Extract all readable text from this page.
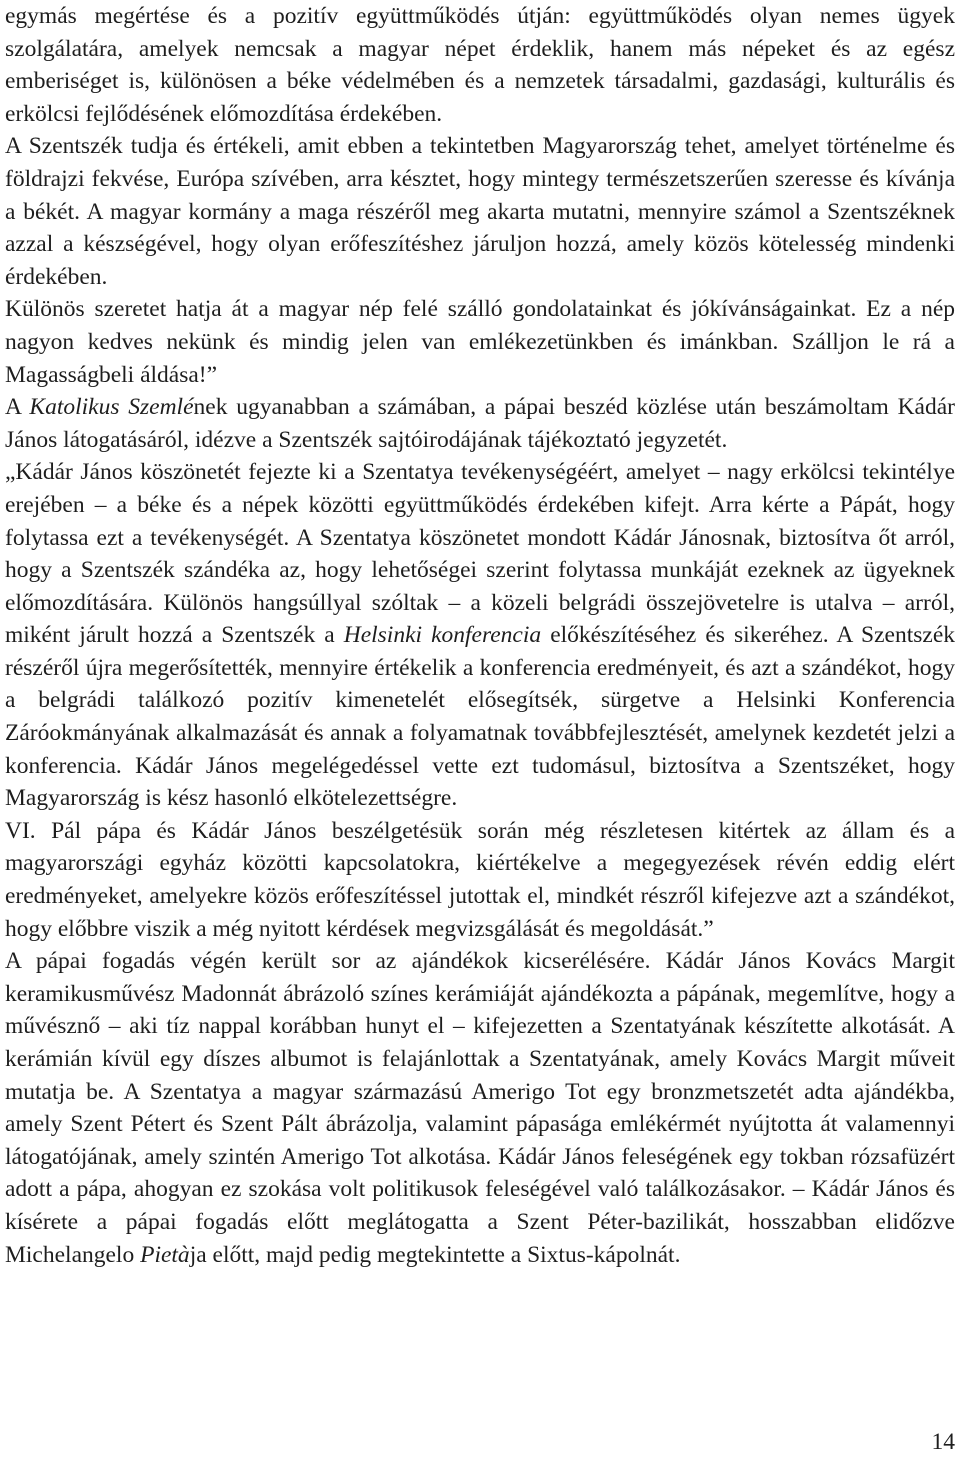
egymás megértése és a pozitív együttműködés útján: együttműködés olyan nemes ügyek szolgálatára, amelyek nemcsak a magyar népet érdeklik, hanem más népeket és az egész emberiséget is, különösen a béke védelmében és a nemzetek társadalmi, gazdasági, kulturális és erkölcsi fejlődésének előmozdítása érdekében.

A Szentszék tudja és értékeli, amit ebben a tekintetben Magyarország tehet, amelyet történelme és földrajzi fekvése, Európa szívében, arra késztet, hogy mintegy természetszerűen szeresse és kívánja a békét. A magyar kormány a maga részéről meg akarta mutatni, mennyire számol a Szentszéknek azzal a készségével, hogy olyan erőfeszítéshez járuljon hozzá, amely közös kötelesség mindenki érdekében.

Különös szeretet hatja át a magyar nép felé szálló gondolatainkat és jókívánságainkat. Ez a nép nagyon kedves nekünk és mindig jelen van emlékezetünkben és imánkban. Szálljon le rá a Magasságbeli áldása!”

A Katolikus Szemlének ugyanabban a számában, a pápai beszéd közlése után beszámoltam Kádár János látogatásáról, idézve a Szentszék sajtóirodájának tájékoztató jegyzetét.

„Kádár János köszönetét fejezte ki a Szentatya tevékenységéért, amelyet – nagy erkölcsi tekintélye erejében – a béke és a népek közötti együttműködés érdekében kifejt. Arra kérte a Pápát, hogy folytassa ezt a tevékenységét. A Szentatya köszönetet mondott Kádár Jánosnak, biztosítva őt arról, hogy a Szentszék szándéka az, hogy lehetőségei szerint folytassa munkáját ezeknek az ügyeknek előmozdítására. Különös hangsúllyal szóltak – a közeli belgrádi összejövetelre is utalva – arról, miként járult hozzá a Szentszék a Helsinki konferencia előkészítéséhez és sikeréhez. A Szentszék részéről újra megerősítették, mennyire értékelik a konferencia eredményeit, és azt a szándékot, hogy a belgrádi találkozó pozitív kimenetelét elősegítsék, sürgetve a Helsinki Konferencia Záróokmányának alkalmazását és annak a folyamatnak továbbfejlesztését, amelynek kezdetét jelzi a konferencia. Kádár János megelégedéssel vette ezt tudomásul, biztosítva a Szentszéket, hogy Magyarország is kész hasonló elkötelezettségre.

VI. Pál pápa és Kádár János beszélgetésük során még részletesen kitértek az állam és a magyarországi egyház közötti kapcsolatokra, kiértékelve a megegyezések révén eddig elért eredményeket, amelyekre közös erőfeszítéssel jutottak el, mindkét részről kifejezve azt a szándékot, hogy előbbre viszik a még nyitott kérdések megvizsgálását és megoldását.”

A pápai fogadás végén került sor az ajándékok kicserélésére. Kádár János Kovács Margit keramikusművész Madonnát ábrázoló színes kerámiáját ajándékozta a pápának, megemlítve, hogy a művésznő – aki tíz nappal korábban hunyt el – kifejezetten a Szentatyának készítette alkotását. A kerámián kívül egy díszes albumot is felajánlottak a Szentatyának, amely Kovács Margit műveit mutatja be. A Szentatya a magyar származású Amerigo Tot egy bronzmetszetét adta ajándékba, amely Szent Pétert és Szent Pált ábrázolja, valamint pápasága emlékérmét nyújtotta át valamennyi látogatójának, amely szintén Amerigo Tot alkotása. Kádár János feleségének egy tokban rózsafüzért adott a pápa, ahogyan ez szokása volt politikusok feleségével való találkozásakor. – Kádár János és kísérete a pápai fogadás előtt meglátogatta a Szent Péter-bazilikát, hosszabban elidőzve Michelangelo Pietàja előtt, majd pedig megtekintette a Sixtus-kápolnát.

14
